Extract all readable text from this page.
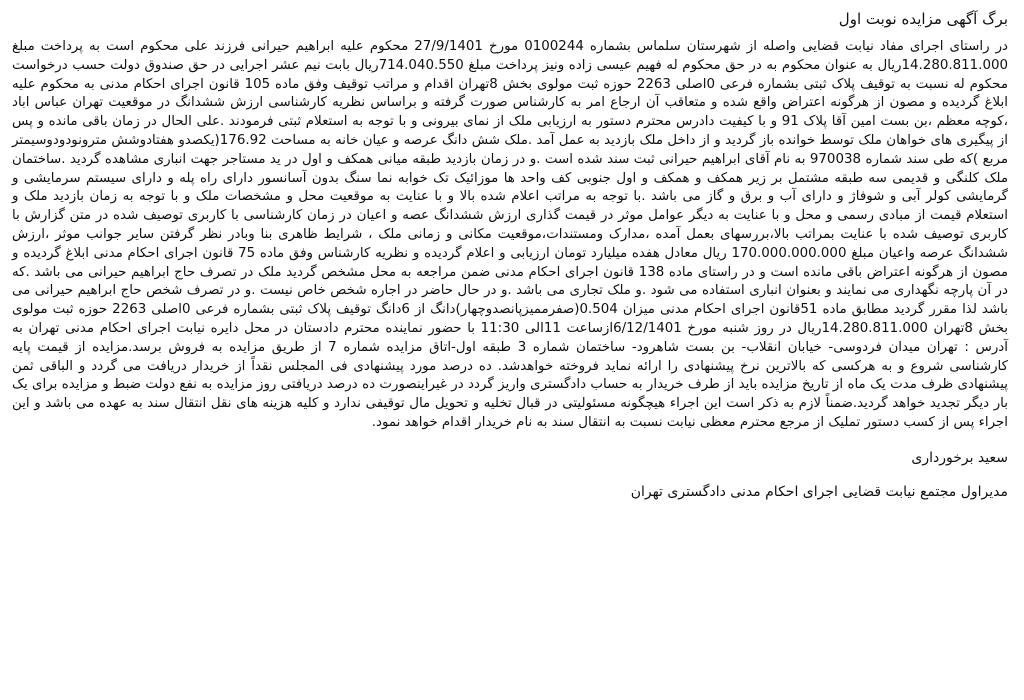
برگ آگهی مزایده نوبت اول

در راستای اجرای مفاد نیابت قضایی واصله از شهرستان سلماس بشماره 0100244 مورخ 27/9/1401 محکوم علیه ابراهیم حیرانی فرزند علی محکوم است به پرداخت مبلغ 14.280.811.000ریال به عنوان محکوم به در حق محکوم له فهیم عیسی زاده ونیز پرداخت مبلغ 714.040.550ریال بابت نیم عشر اجرایی در حق صندوق دولت حسب درخواست محکوم له نسبت به توقیف پلاک ثبتی بشماره فرعی 0اصلی 2263 حوزه ثبت مولوی بخش 8تهران اقدام و مراتب توقیف وفق ماده 105 قانون اجرای احکام مدنی به محکوم علیه ابلاغ گردیده و مصون از هرگونه اعتراض واقع شده و متعاقب آن ارجاع امر به کارشناس صورت گرفته و براساس نظریه کارشناسی ارزش ششدانگ در موقعیت تهران عباس اباد ،کوچه معظم ،بن بست امین آقا پلاک 91 و با کیفیت دادرس محترم دستور به ارزیابی ملک از نمای بیرونی و با توجه به استعلام ثبتی فرمودند .علی الحال در زمان باقی مانده و پس از پیگیری های خواهان ملک توسط خوانده باز گردید و از داخل ملک بازدید به عمل آمد .ملک شش دانگ عرصه و عیان خانه به مساحت 176.92(یکصدو هفتادوشش مترونودودوسیمتر مربع )که طی سند شماره 970038 به نام آقای ابراهیم حیرانی ثبت سند شده است .و در زمان بازدید طبقه میانی همکف و اول در ید مستاجر جهت انباری مشاهده گردید .ساختمان ملک کلنگی و قدیمی سه طبقه مشتمل بر زیر همکف و همکف و اول جنوبی کف واحد ها موزائیک تک خوابه نما سنگ بدون آسانسور دارای راه پله و دارای سیستم سرمایشی و گرمایشی کولر آبی و شوفاژ و دارای آب و برق و گاز می باشد .با توجه به مراتب اعلام شده بالا و با عنایت به موقعیت محل و مشخصات ملک و با توجه به زمان بازدید ملک و استعلام قیمت از مبادی رسمی و محل و با عنایت به دیگر عوامل موثر در قیمت گذاری ارزش ششدانگ عصه و اعیان در زمان کارشناسی با کاربری توصیف شده در متن گزارش با کاربری توصیف شده با عنایت بمراتب بالا،بررسهای بعمل آمده ،مدارک ومستندات،موقعیت مکانی و زمانی ملک ، شرایط ظاهری بنا وبادر نظر گرفتن سایر جوانب موثر ،ارزش ششدانگ عرصه واعیان مبلغ 170.000.000.000 ریال معادل هفده میلیارد تومان ارزیابی و اعلام گردیده و نظریه کارشناس وفق ماده 75 قانون اجرای احکام مدنی ابلاغ گردیده و مصون از هرگونه اعتراض باقی مانده است و در راستای ماده 138 قانون اجرای احکام مدنی ضمن مراجعه به محل مشخص گردید ملک در تصرف حاج ابراهیم حیرانی می باشد .که در آن پارچه نگهداری می نمایند و بعنوان انباری استفاده می شود .و ملک تجاری می باشد .و در حال حاضر در اجاره شخص خاص نیست .و در تصرف شخص حاج ابراهیم حیرانی می باشد لذا مقرر گردید مطابق ماده 51قانون اجرای احکام مدنی میزان 0.504(صفرممیزپانصدوچهار)دانگ از 6دانگ توقیف پلاک ثبتی بشماره فرعی 0اصلی 2263 حوزه ثبت مولوی بخش 8تهران 14.280.811.000ریال در روز شنبه مورخ 6/12/1401ازساعت 11الی 11:30 با حضور نماینده محترم دادستان در محل دایره نیابت اجرای احکام مدنی تهران به آدرس : تهران میدان فردوسی- خیابان انقلاب- بن بست شاهرود- ساختمان شماره 3 طبقه اول-اتاق مزایده شماره 7 از طریق مزایده به فروش برسد.مزایده از قیمت پایه کارشناسی شروع و به هرکسی که بالاترین نرخ پیشنهادی را ارائه نماید فروخته خواهدشد. ده درصد مورد پیشنهادی فی المجلس نقداً از خریدار دریافت می گردد و الباقی ثمن پیشنهادی ظرف مدت یک ماه از تاریخ مزایده باید از طرف خریدار به حساب دادگستری واریز گردد در غیراینصورت ده درصد دریافتی روز مزایده به نفع دولت ضبط و مزایده برای یک بار دیگر تجدید خواهد گردید.ضمناً لازم به ذکر است این اجراء هیچگونه مسئولیتی در قبال تخلیه و تحویل مال توقیفی ندارد و کلیه هزینه های نقل انتقال سند به عهده می باشد و این اجراء پس از کسب دستور تملیک از مرجع محترم معظی نیابت نسبت به انتقال سند به نام خریدار اقدام خواهد نمود.

سعید برخورداری
مدیراول مجتمع نیابت قضایی اجرای احکام مدنی دادگستری تهران
